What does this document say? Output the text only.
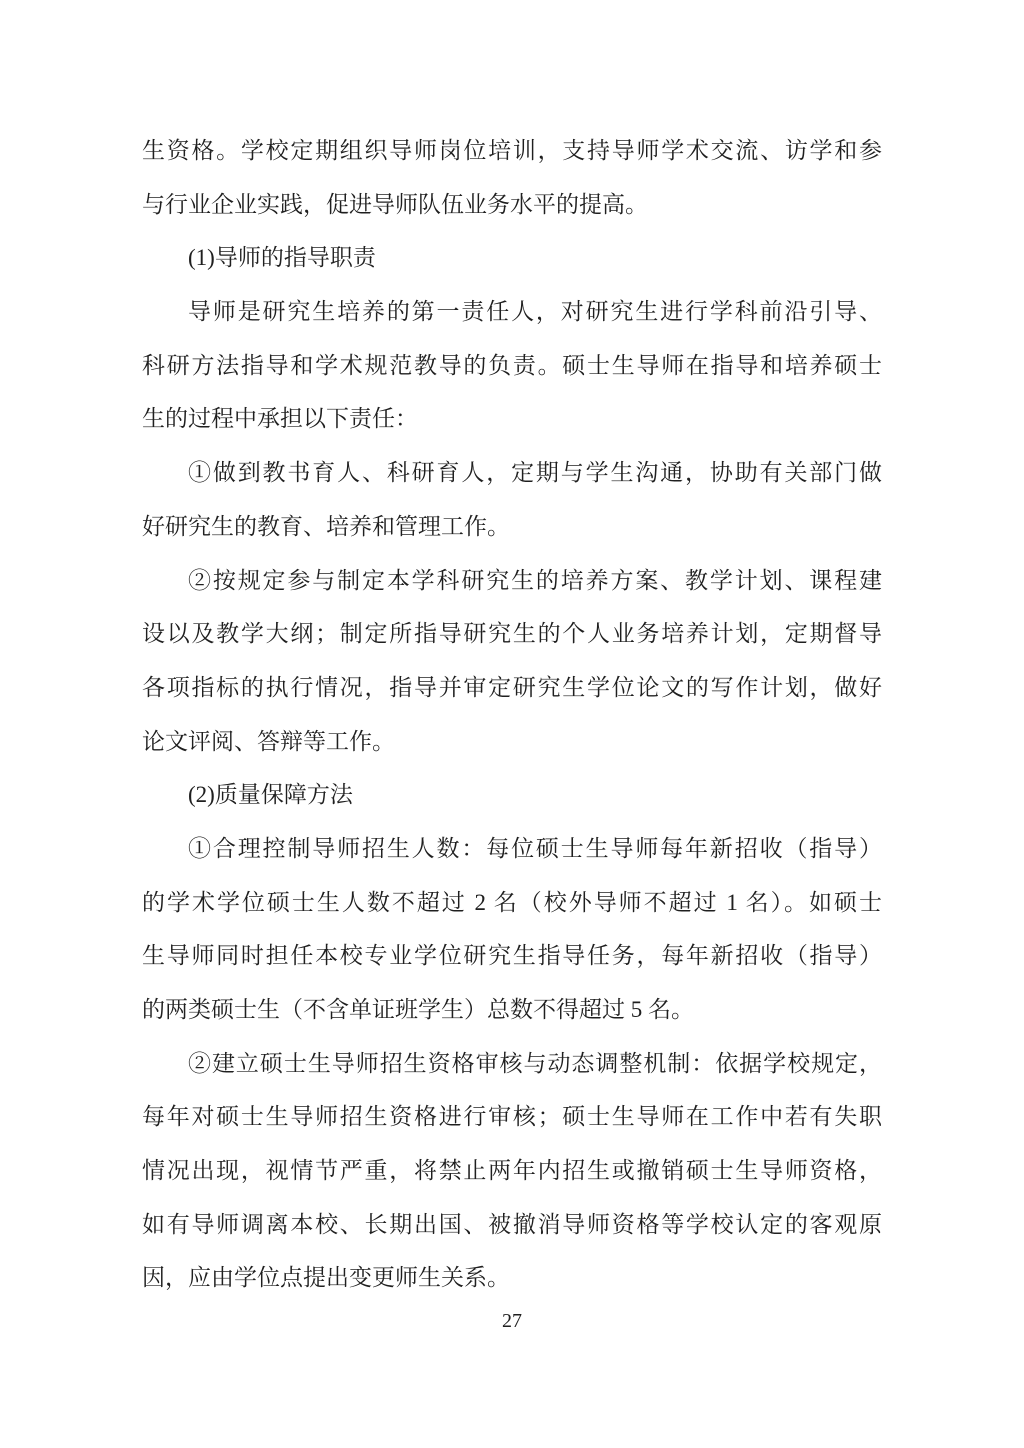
生资格。学校定期组织导师岗位培训，支持导师学术交流、访学和参
与行业企业实践，促进导师队伍业务水平的提高。
(1)导师的指导职责
导师是研究生培养的第一责任人，对研究生进行学科前沿引导、
科研方法指导和学术规范教导的负责。硕士生导师在指导和培养硕士
生的过程中承担以下责任：
①做到教书育人、科研育人，定期与学生沟通，协助有关部门做
好研究生的教育、培养和管理工作。
②按规定参与制定本学科研究生的培养方案、教学计划、课程建
设以及教学大纲；制定所指导研究生的个人业务培养计划，定期督导
各项指标的执行情况，指导并审定研究生学位论文的写作计划，做好
论文评阅、答辩等工作。
(2)质量保障方法
①合理控制导师招生人数：每位硕士生导师每年新招收（指导）
的学术学位硕士生人数不超过 2 名（校外导师不超过 1 名）。如硕士
生导师同时担任本校专业学位研究生指导任务，每年新招收（指导）
的两类硕士生（不含单证班学生）总数不得超过 5 名。
②建立硕士生导师招生资格审核与动态调整机制：依据学校规定，
每年对硕士生导师招生资格进行审核；硕士生导师在工作中若有失职
情况出现，视情节严重，将禁止两年内招生或撤销硕士生导师资格，
如有导师调离本校、长期出国、被撤消导师资格等学校认定的客观原
因，应由学位点提出变更师生关系。
27
